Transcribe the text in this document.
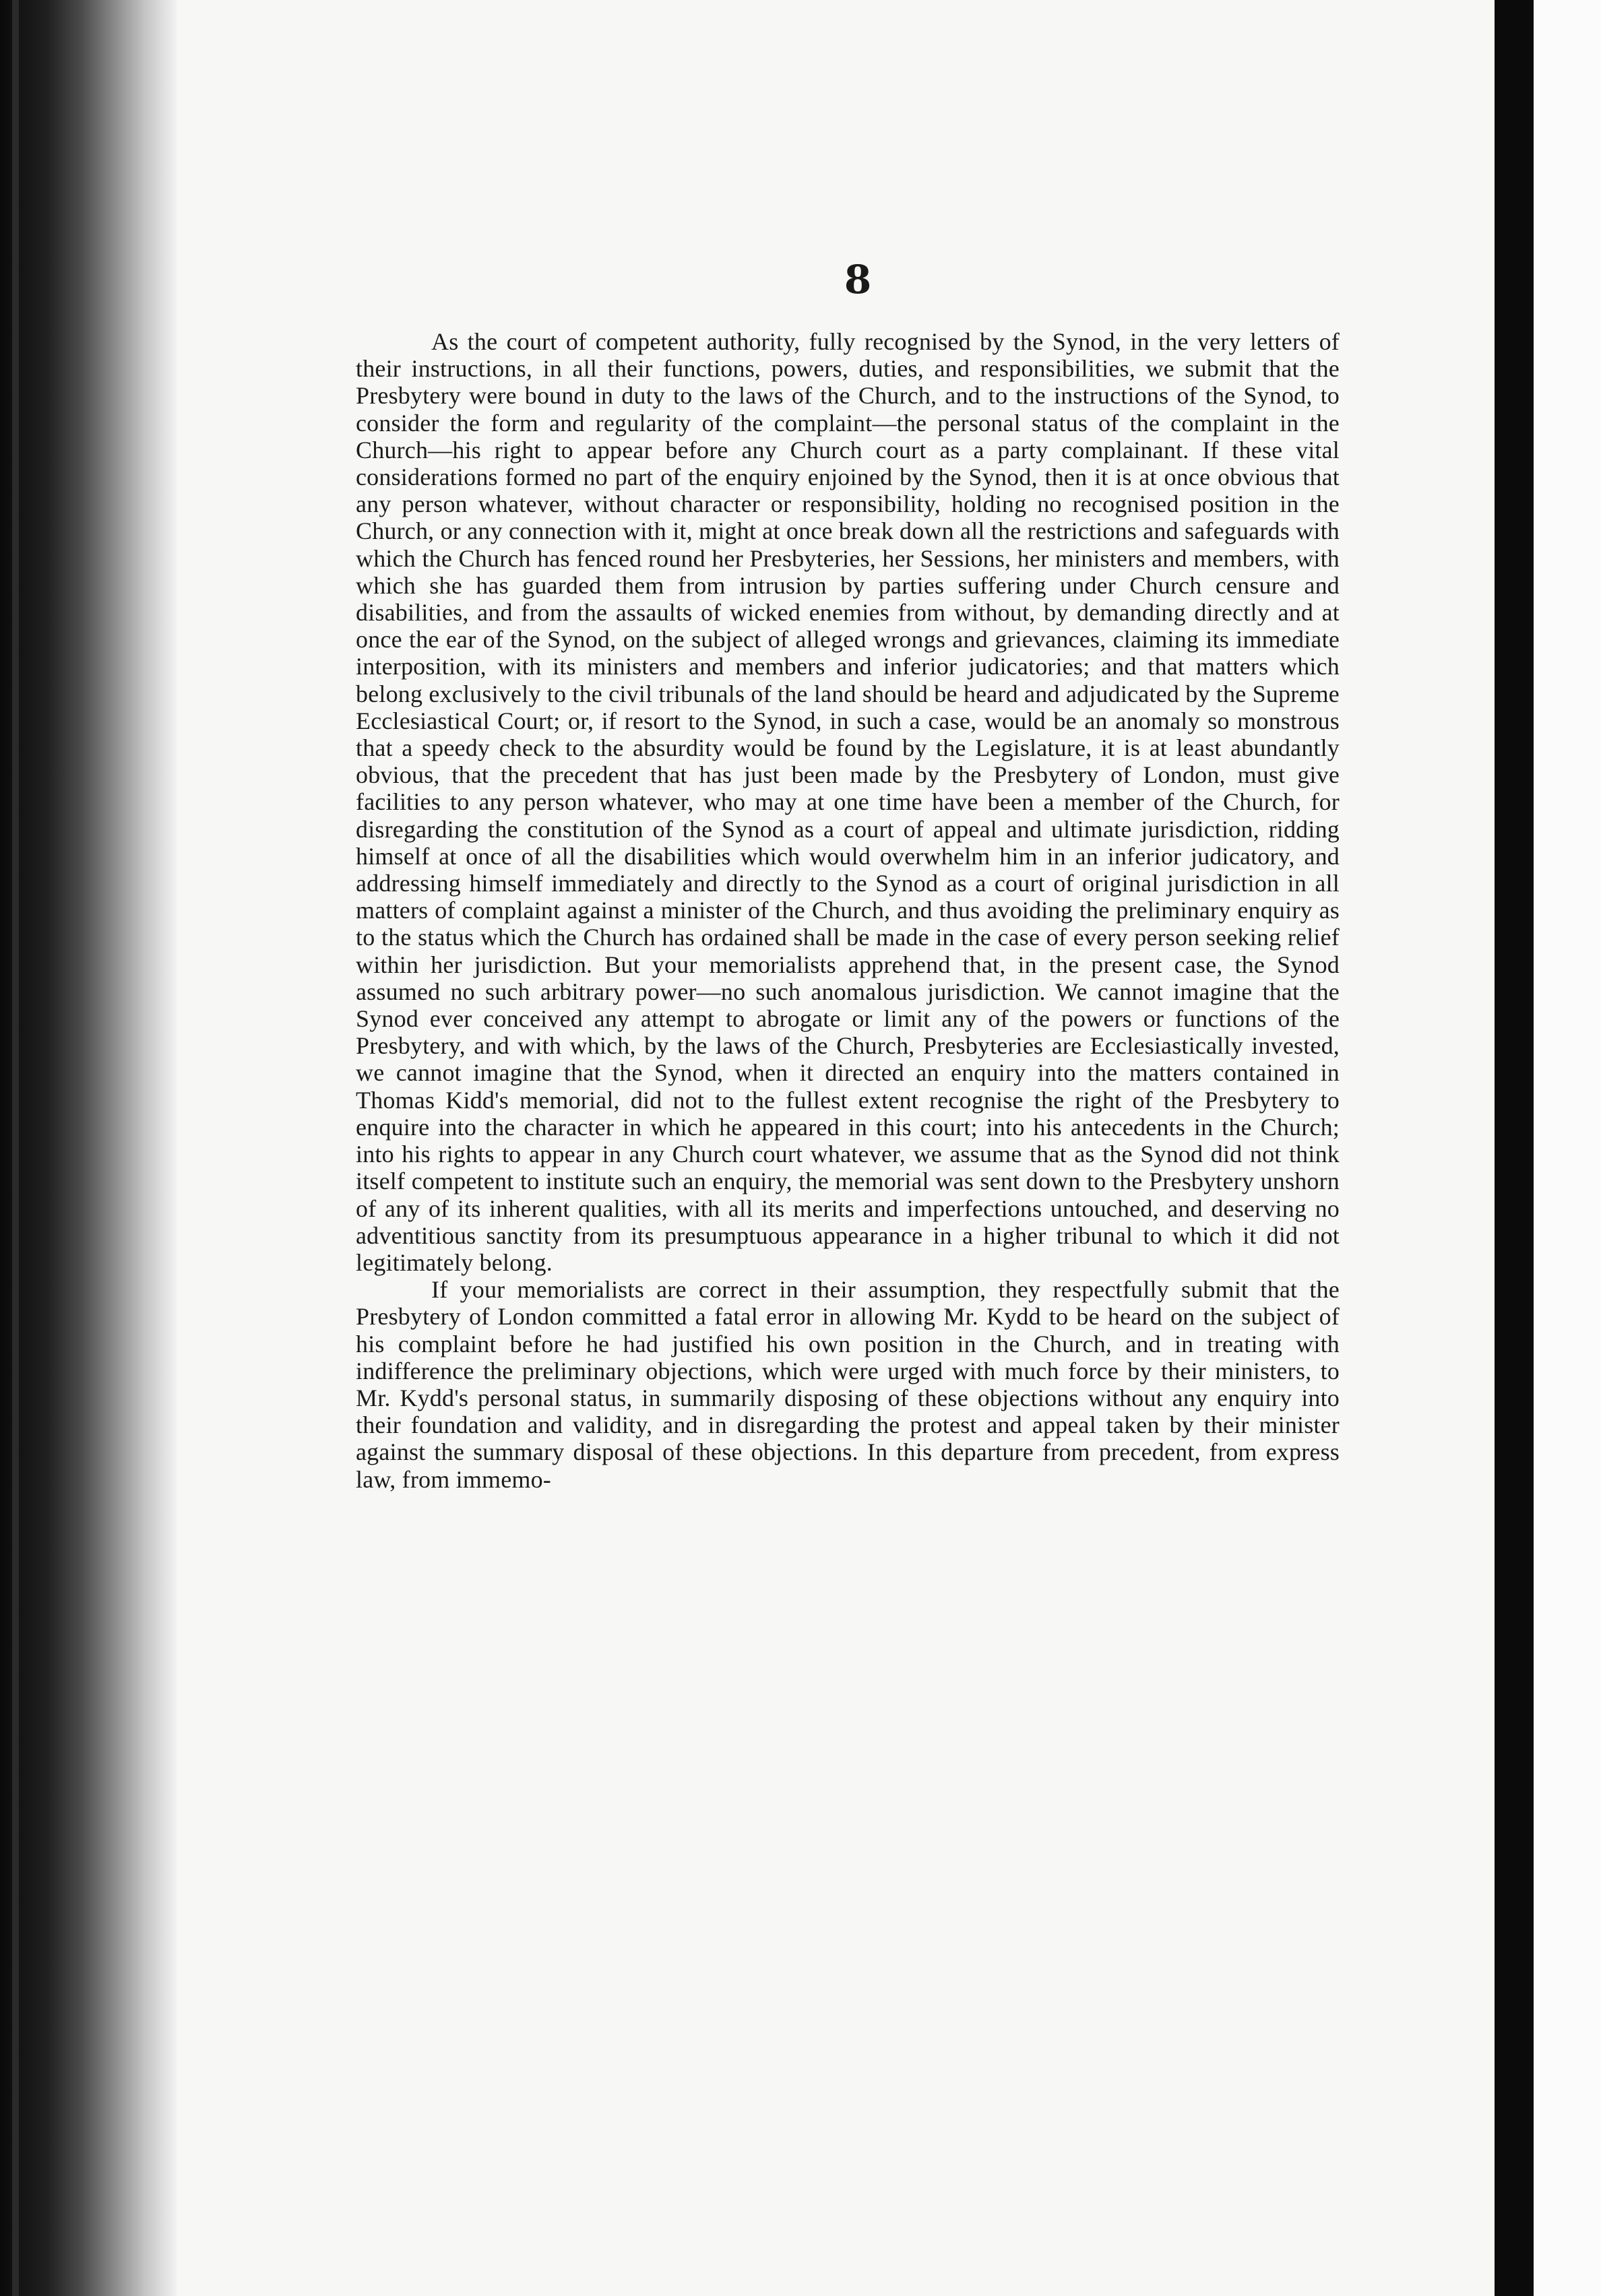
8

As the court of competent authority, fully recognised by the Synod, in the very letters of their instructions, in all their functions, powers, duties, and responsibilities, we submit that the Presbytery were bound in duty to the laws of the Church, and to the instructions of the Synod, to consider the form and regularity of the complaint—the personal status of the complaint in the Church—his right to appear before any Church court as a party complainant. If these vital considerations formed no part of the enquiry enjoined by the Synod, then it is at once obvious that any person whatever, without character or responsibility, holding no recognised position in the Church, or any connection with it, might at once break down all the restrictions and safeguards with which the Church has fenced round her Presbyteries, her Sessions, her ministers and members, with which she has guarded them from intrusion by parties suffering under Church censure and disabilities, and from the assaults of wicked enemies from without, by demanding directly and at once the ear of the Synod, on the subject of alleged wrongs and grievances, claiming its immediate interposition, with its ministers and members and inferior judicatories; and that matters which belong exclusively to the civil tribunals of the land should be heard and adjudicated by the Supreme Ecclesiastical Court; or, if resort to the Synod, in such a case, would be an anomaly so monstrous that a speedy check to the absurdity would be found by the Legislature, it is at least abundantly obvious, that the precedent that has just been made by the Presbytery of London, must give facilities to any person whatever, who may at one time have been a member of the Church, for disregarding the constitution of the Synod as a court of appeal and ultimate jurisdiction, ridding himself at once of all the disabilities which would overwhelm him in an inferior judicatory, and addressing himself immediately and directly to the Synod as a court of original jurisdiction in all matters of complaint against a minister of the Church, and thus avoiding the preliminary enquiry as to the status which the Church has ordained shall be made in the case of every person seeking relief within her jurisdiction. But your memorialists apprehend that, in the present case, the Synod assumed no such arbitrary power—no such anomalous jurisdiction. We cannot imagine that the Synod ever conceived any attempt to abrogate or limit any of the powers or functions of the Presbytery, and with which, by the laws of the Church, Presbyteries are Ecclesiastically invested, we cannot imagine that the Synod, when it directed an enquiry into the matters contained in Thomas Kidd's memorial, did not to the fullest extent recognise the right of the Presbytery to enquire into the character in which he appeared in this court; into his antecedents in the Church; into his rights to appear in any Church court whatever, we assume that as the Synod did not think itself competent to institute such an enquiry, the memorial was sent down to the Presbytery unshorn of any of its inherent qualities, with all its merits and imperfections untouched, and deserving no adventitious sanctity from its presumptuous appearance in a higher tribunal to which it did not legitimately belong.

If your memorialists are correct in their assumption, they respectfully submit that the Presbytery of London committed a fatal error in allowing Mr. Kydd to be heard on the subject of his complaint before he had justified his own position in the Church, and in treating with indifference the preliminary objections, which were urged with much force by their ministers, to Mr. Kydd's personal status, in summarily disposing of these objections without any enquiry into their foundation and validity, and in disregarding the protest and appeal taken by their minister against the summary disposal of these objections. In this departure from precedent, from express law, from immemo-
